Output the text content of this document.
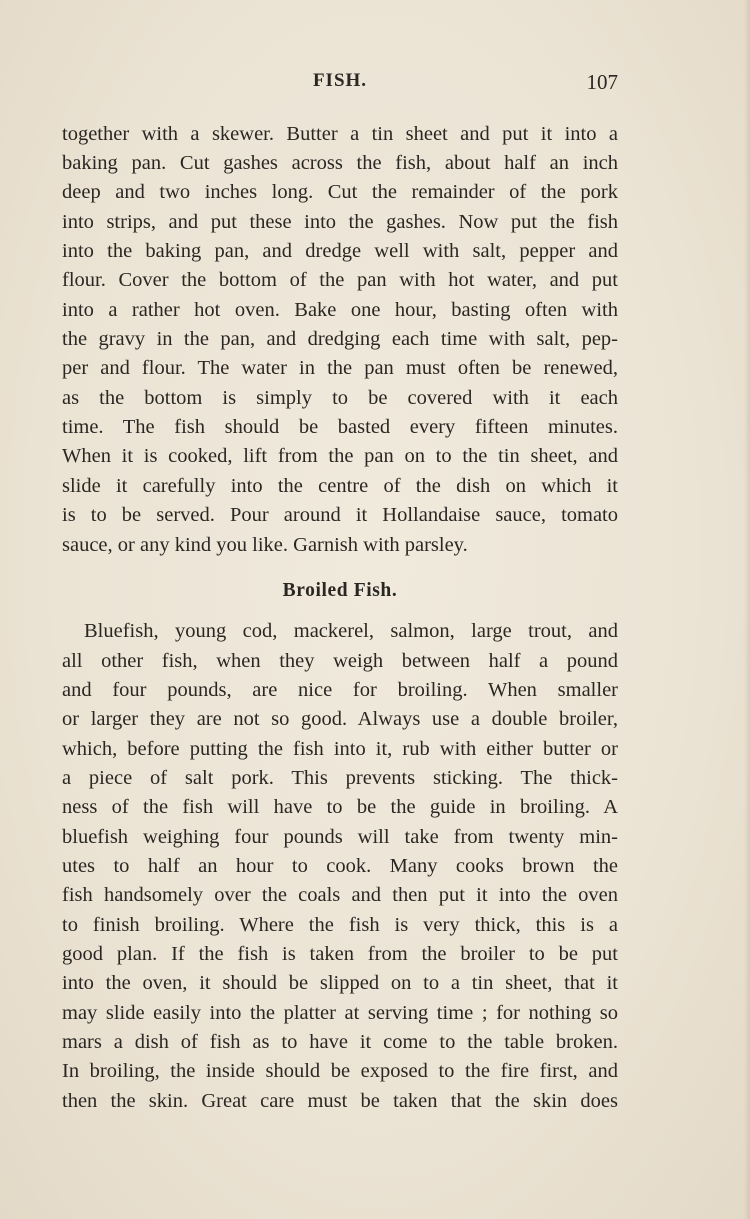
FISH.	107
together with a skewer. Butter a tin sheet and put it into a
baking pan. Cut gashes across the fish, about half an inch
deep and two inches long. Cut the remainder of the pork
into strips, and put these into the gashes. Now put the fish
into the baking pan, and dredge well with salt, pepper and
flour. Cover the bottom of the pan with hot water, and put
into a rather hot oven. Bake one hour, basting often with
the gravy in the pan, and dredging each time with salt, pep-
per and flour. The water in the pan must often be renewed,
as the bottom is simply to be covered with it each
time. The fish should be basted every fifteen minutes.
When it is cooked, lift from the pan on to the tin sheet, and
slide it carefully into the centre of the dish on which it
is to be served. Pour around it Hollandaise sauce, tomato
sauce, or any kind you like. Garnish with parsley.
Broiled Fish.
Bluefish, young cod, mackerel, salmon, large trout, and
all other fish, when they weigh between half a pound
and four pounds, are nice for broiling. When smaller
or larger they are not so good. Always use a double broiler,
which, before putting the fish into it, rub with either butter or
a piece of salt pork. This prevents sticking. The thick-
ness of the fish will have to be the guide in broiling. A
bluefish weighing four pounds will take from twenty min-
utes to half an hour to cook. Many cooks brown the
fish handsomely over the coals and then put it into the oven
to finish broiling. Where the fish is very thick, this is a
good plan. If the fish is taken from the broiler to be put
into the oven, it should be slipped on to a tin sheet, that it
may slide easily into the platter at serving time ; for nothing so
mars a dish of fish as to have it come to the table broken.
In broiling, the inside should be exposed to the fire first, and
then the skin. Great care must be taken that the skin does
